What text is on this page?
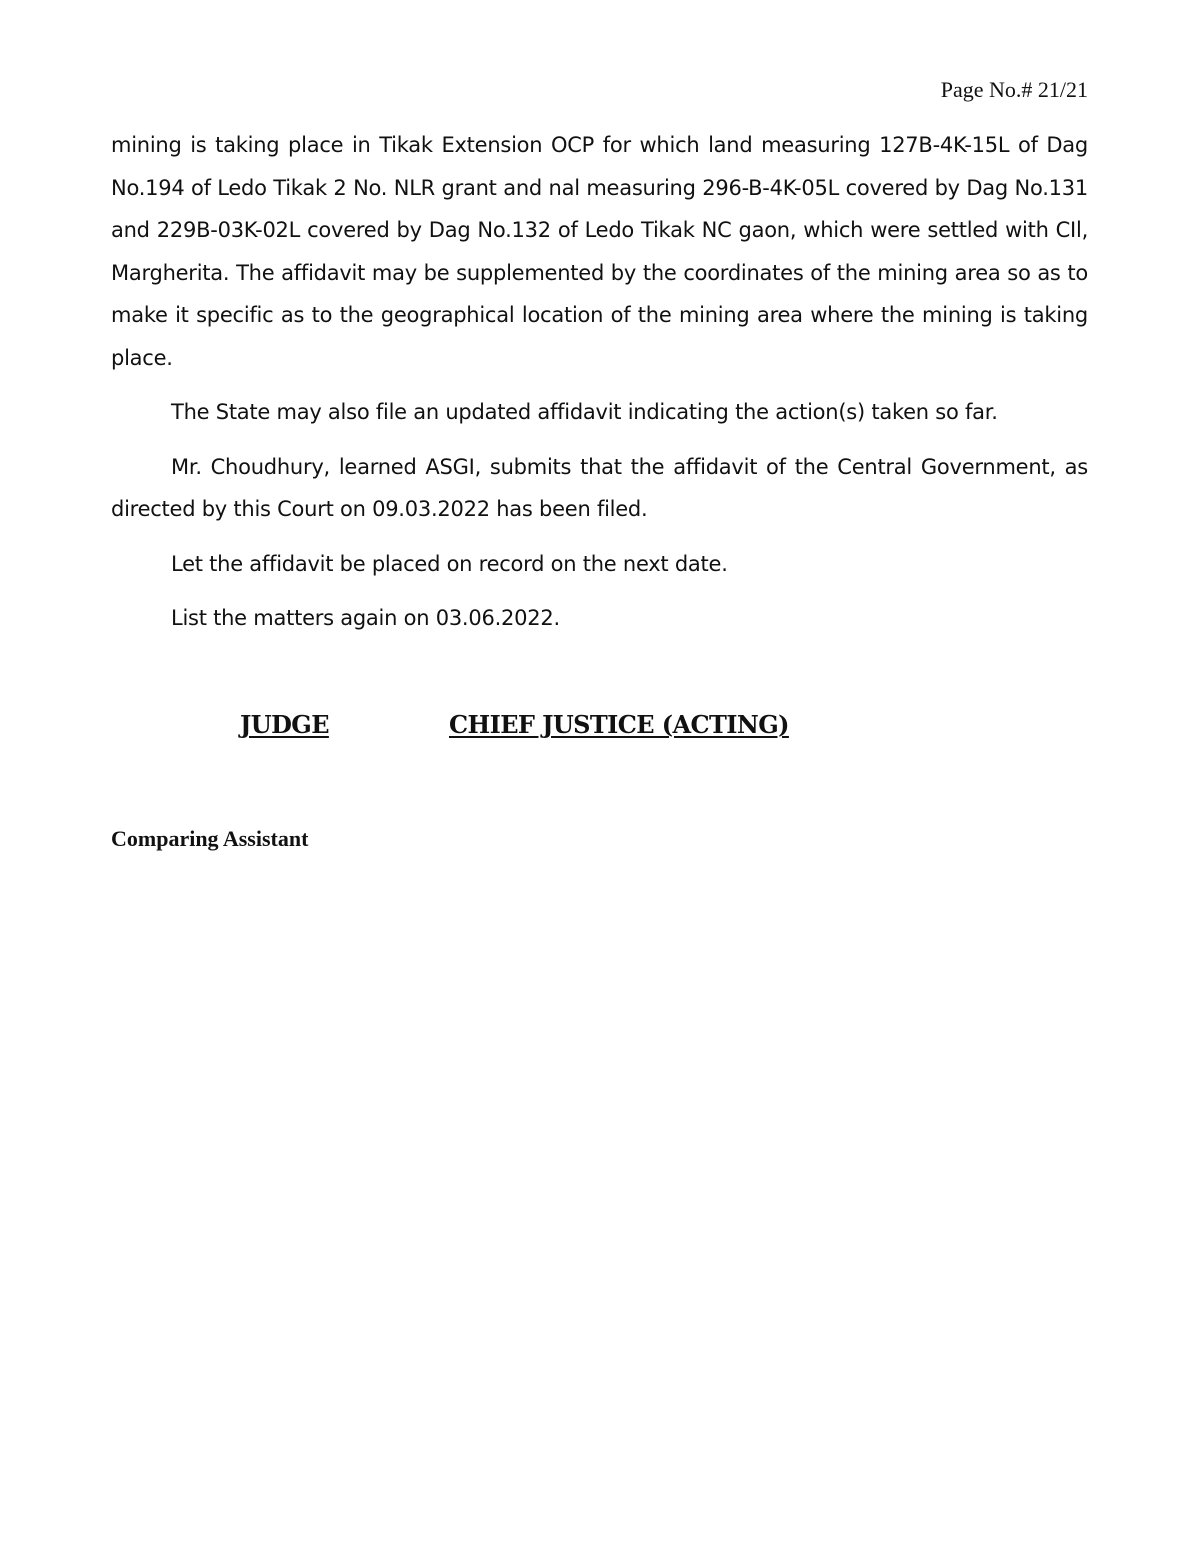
Page No.# 21/21

mining is taking place in Tikak Extension OCP for which land measuring 127B-4K-15L of Dag No.194 of Ledo Tikak 2 No. NLR grant and nal measuring 296-B-4K-05L covered by Dag No.131 and 229B-03K-02L covered by Dag No.132 of Ledo Tikak NC gaon, which were settled with CIl, Margherita. The affidavit may be supplemented by the coordinates of the mining area so as to make it specific as to the geographical location of the mining area where the mining is taking place.

The State may also file an updated affidavit indicating the action(s) taken so far.

Mr. Choudhury, learned ASGI, submits that the affidavit of the Central Government, as directed by this Court on 09.03.2022 has been filed.

Let the affidavit be placed on record on the next date.

List the matters again on 03.06.2022.

JUDGE	CHIEF JUSTICE (ACTING)
Comparing Assistant
